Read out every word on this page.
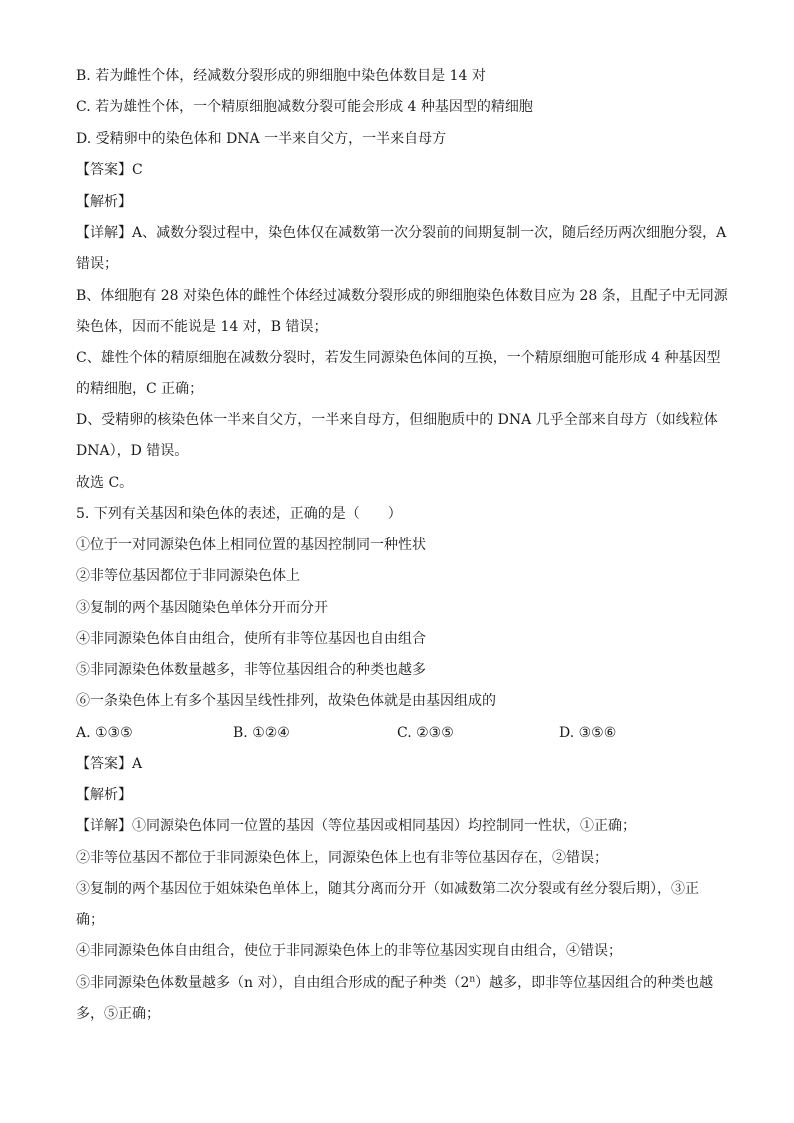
B. 若为雌性个体，经减数分裂形成的卵细胞中染色体数目是 14 对
C. 若为雄性个体，一个精原细胞减数分裂可能会形成 4 种基因型的精细胞
D. 受精卵中的染色体和 DNA 一半来自父方，一半来自母方
【答案】C
【解析】
【详解】A、减数分裂过程中，染色体仅在减数第一次分裂前的间期复制一次，随后经历两次细胞分裂，A
错误；
B、体细胞有 28 对染色体的雌性个体经过减数分裂形成的卵细胞染色体数目应为 28 条，且配子中无同源
染色体，因而不能说是 14 对，B 错误；
C、雄性个体的精原细胞在减数分裂时，若发生同源染色体间的互换，一个精原细胞可能形成 4 种基因型
的精细胞，C 正确；
D、受精卵的核染色体一半来自父方，一半来自母方，但细胞质中的 DNA 几乎全部来自母方（如线粒体
DNA），D 错误。
故选 C。
5. 下列有关基因和染色体的表述，正确的是（　　）
①位于一对同源染色体上相同位置的基因控制同一种性状
②非等位基因都位于非同源染色体上
③复制的两个基因随染色单体分开而分开
④非同源染色体自由组合，使所有非等位基因也自由组合
⑤非同源染色体数量越多，非等位基因组合的种类也越多
⑥一条染色体上有多个基因呈线性排列，故染色体就是由基因组成的
A. ①③⑤	B. ①②④	C. ②③⑤	D. ③⑤⑥
【答案】A
【解析】
【详解】①同源染色体同一位置的基因（等位基因或相同基因）均控制同一性状，①正确；
②非等位基因不都位于非同源染色体上，同源染色体上也有非等位基因存在，②错误；
③复制的两个基因位于姐妹染色单体上，随其分离而分开（如减数第二次分裂或有丝分裂后期），③正
确；
④非同源染色体自由组合，使位于非同源染色体上的非等位基因实现自由组合，④错误；
⑤非同源染色体数量越多（n 对），自由组合形成的配子种类（2$^n$）越多，即非等位基因组合的种类也越
多，⑤正确；
